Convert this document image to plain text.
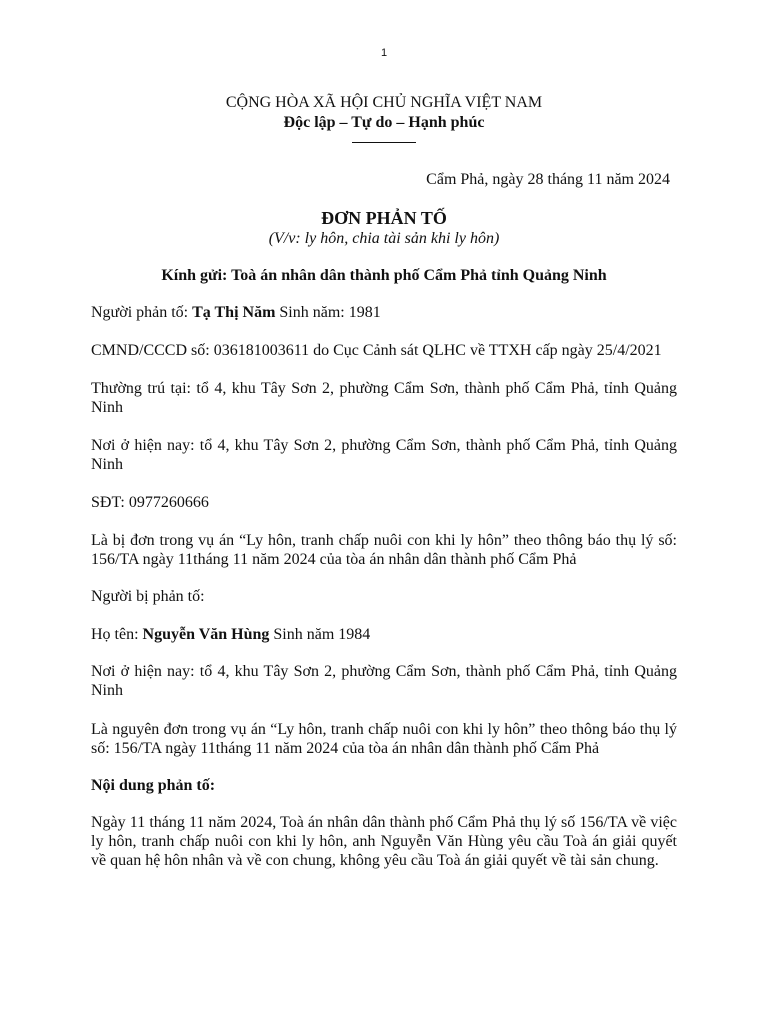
1

CỘNG HÒA XÃ HỘI CHỦ NGHĨA VIỆT NAM

Độc lập – Tự do – Hạnh phúc

Cẩm Phả, ngày 28 tháng 11 năm 2024

ĐƠN PHẢN TỐ

(V/v: ly hôn, chia tài sản khi ly hôn)

Kính gửi: Toà án nhân dân thành phố Cẩm Phả tỉnh Quảng Ninh

Người phản tố: Tạ Thị Năm Sinh năm: 1981

CMND/CCCD số: 036181003611 do Cục Cảnh sát QLHC về TTXH cấp ngày 25/4/2021

Thường trú tại: tổ 4, khu Tây Sơn 2, phường Cẩm Sơn, thành phố Cẩm Phả, tỉnh Quảng Ninh

Nơi ở hiện nay: tổ 4, khu Tây Sơn 2, phường Cẩm Sơn, thành phố Cẩm Phả, tỉnh Quảng Ninh

SĐT: 0977260666

Là bị đơn trong vụ án “Ly hôn, tranh chấp nuôi con khi ly hôn” theo thông báo thụ lý số: 156/TA ngày 11tháng 11 năm 2024 của tòa án nhân dân thành phố Cẩm Phả

Người bị phản tố:

Họ tên: Nguyễn Văn Hùng Sinh năm 1984

Nơi ở hiện nay: tổ 4, khu Tây Sơn 2, phường Cẩm Sơn, thành phố Cẩm Phả, tỉnh Quảng Ninh

Là nguyên đơn trong vụ án “Ly hôn, tranh chấp nuôi con khi ly hôn” theo thông báo thụ lý số: 156/TA ngày 11tháng 11 năm 2024 của tòa án nhân dân thành phố Cẩm Phả

Nội dung phản tố:

Ngày 11 tháng 11 năm 2024, Toà án nhân dân thành phố Cẩm Phả thụ lý số 156/TA về việc ly hôn, tranh chấp nuôi con khi ly hôn, anh Nguyễn Văn Hùng yêu cầu Toà án giải quyết về quan hệ hôn nhân và về con chung, không yêu cầu Toà án giải quyết về tài sản chung.
